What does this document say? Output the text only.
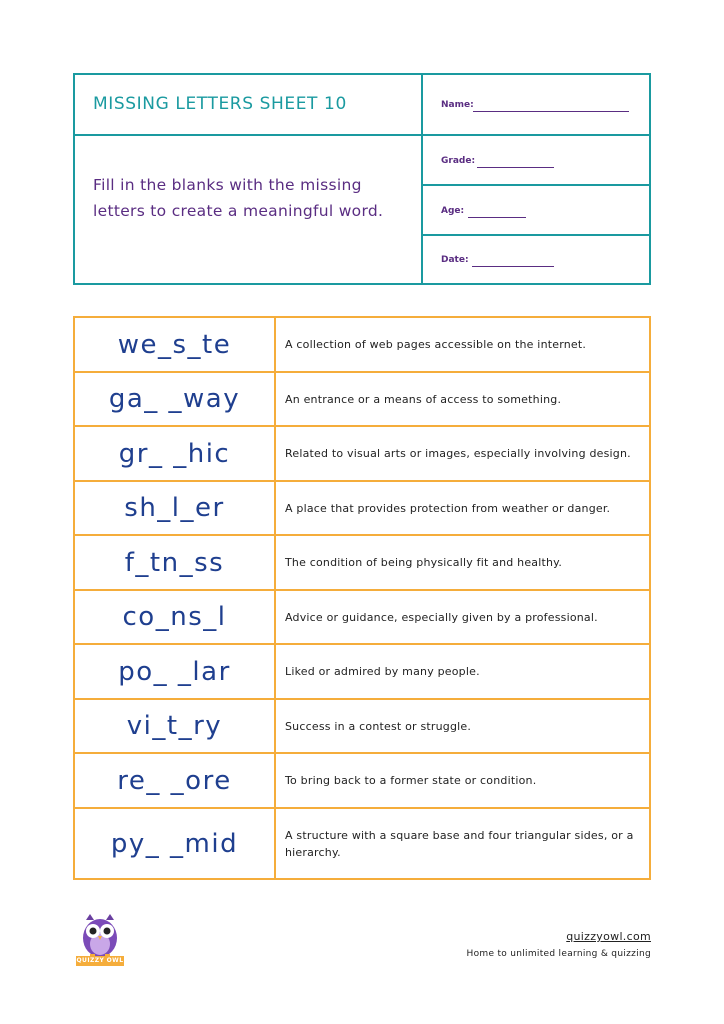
MISSING LETTERS SHEET 10

Fill in the blanks with the missing letters to create a meaningful word.

Name:
Grade:
Age:
Date:
we_s_te	A collection of web pages accessible on the internet.
ga_ _way	An entrance or a means of access to something.
gr_ _hic	Related to visual arts or images, especially involving design.
sh_l_er	A place that provides protection from weather or danger.
f_tn_ss	The condition of being physically fit and healthy.
co_ns_l	Advice or guidance, especially given by a professional.
po_ _lar	Liked or admired by many people.
vi_t_ry	Success in a contest or struggle.
re_ _ore	To bring back to a former state or condition.
py_ _mid	A structure with a square base and four triangular sides, or a hierarchy.
QUIZZY OWL
quizzyowl.com
Home to unlimited learning & quizzing
